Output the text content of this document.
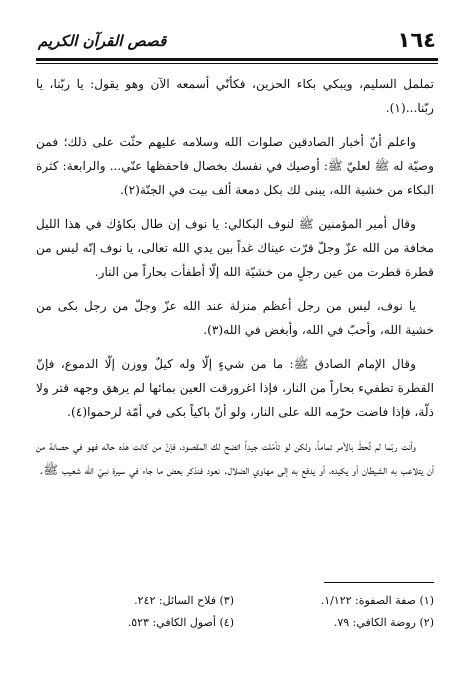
١٦٤
قصص القرآن الكريم

تململ السليم، ويبكي بكاء الحزين، فكأنّي أسمعه الآن وهو يقول: يا ربّنا، يا ربّنا...(١).

واعلم أنّ أخبار الصادقين صلوات الله وسلامه عليهم حثّت على ذلك؛ فمن وصيّة له ﷺ لعليّ ﷺ: أوصيك في نفسك بخصال فاحفظها عنّي... والرابعة: كثرة البكاء من خشية الله، يبنى لك بكل دمعة ألف بيت في الجنّة(٢).

وقال أمير المؤمنين ﷺ لنوف البكالي: يا نوف إن طال بكاؤك في هذا الليل مخافة من الله عزّ وجلّ قرّت عيناك غداً بين يدي الله تعالى، يا نوف إنّه ليس من قطرة قطرت من عين رجلٍ من خشيّة الله إلّا أطفأت بحاراً من النار.

يا نوف، ليس من رجل أعظم منزلة عند الله عزّ وجلّ من رجل بكى من خشية الله، وأحبّ في الله، وأبغض في الله(٣).

وقال الإمام الصادق ﷺ: ما من شيءٍ إلّا وله كيلٌ ووزن إلّا الدموع، فإنّ القطرة تطفيء بحاراً من النار، فإذا اغرورقت العين بمائها لم يرهق وجهه قتر ولا ذلّة، فإذا فاضت حرّمه الله على النار، ولو أنّ باكياً بكى في أمّة لرحموا(٤).

وأنت ربّما لم تُحطْ بالأمر تماماً، ولكن لو تأمّلت جيداً اتضح لك المقصود، فإنّ من كانت هذه حاله فهو في حصانة من أن يتلاعب به الشيطان أو يكيده، أو يدفع به إلى مهاوي الضلال. نعود فنذكر بعض ما جاء في سيرة نبيّ الله شعيب ﷺ.

(١) صفة الصفوة: ١/١٢٢.
(٣) فلاح السائل: ٢٤٢.
(٢) روضة الكافي: ٧٩.
(٤) أصول الكافي: ٥٢٣.
